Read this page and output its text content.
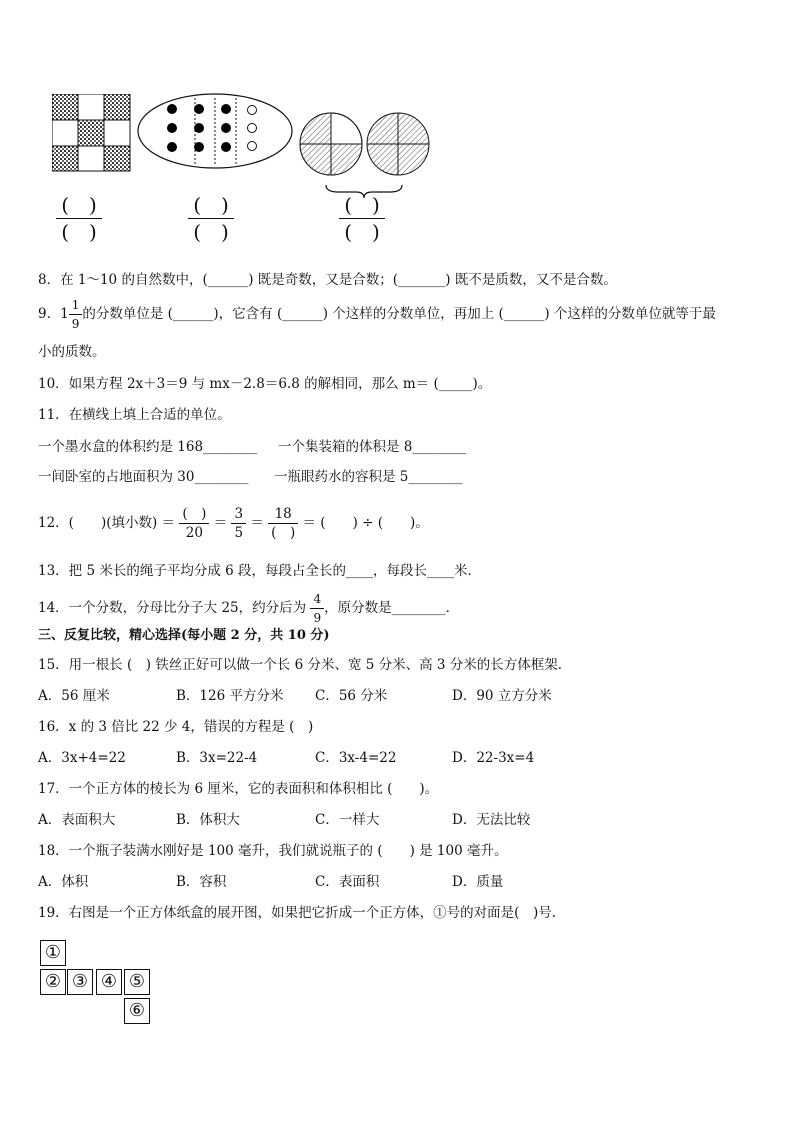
(  )
(  )
(  )
(  )
(  )
(  )
8．在 1～10 的自然数中，(______) 既是奇数，又是合数；(_______) 既不是质数，又不是合数。
9．$1 \frac{1}{9}$ 的分数单位是 (______)，它含有 (______) 个这样的分数单位，再加上 (______) 个这样的分数单位就等于最
小的质数。
10．如果方程 2x＋3＝9 与 mx－2.8＝6.8 的解相同，那么 m＝ (_____)。
11．在横线上填上合适的单位。
一个墨水盒的体积约是 168________ 一个集装箱的体积是 8________
一间卧室的占地面积为 30________ 一瓶眼药水的容积是 5________
12．(　　)(填小数) ＝ $\frac{( )}{20} = \frac{3}{5} = \frac{18}{( )}$ ＝ (　　) ÷ (　　)。
13．把 5 米长的绳子平均分成 6 段，每段占全长的____，每段长____米．
14．一个分数，分母比分子大 25，约分后为 $\frac{4}{9}$ ，原分数是________．
三、反复比较，精心选择(每小题 2 分，共 10 分)
15．用一根长 (　) 铁丝正好可以做一个长 6 分米、宽 5 分米、高 3 分米的长方体框架．
A．56 厘米	B．126 平方分米 C．56 分米	D．90 立方分米
16．x 的 3 倍比 22 少 4，错误的方程是 (　)
A．3x+4=22	B．3x=22-4	C．3x-4=22	D．22-3x=4
17．一个正方体的棱长为 6 厘米，它的表面积和体积相比 (　　)。
A．表面积大	B．体积大	C．一样大	D．无法比较
18．一个瓶子装满水刚好是 100 毫升，我们就说瓶子的 (　　) 是 100 毫升。
A．体积	B．容积	C．表面积	D．质量
19．右图是一个正方体纸盒的展开图，如果把它折成一个正方体，①号的对面是(　)号.
①
② ③ ④ ⑤
⑥
